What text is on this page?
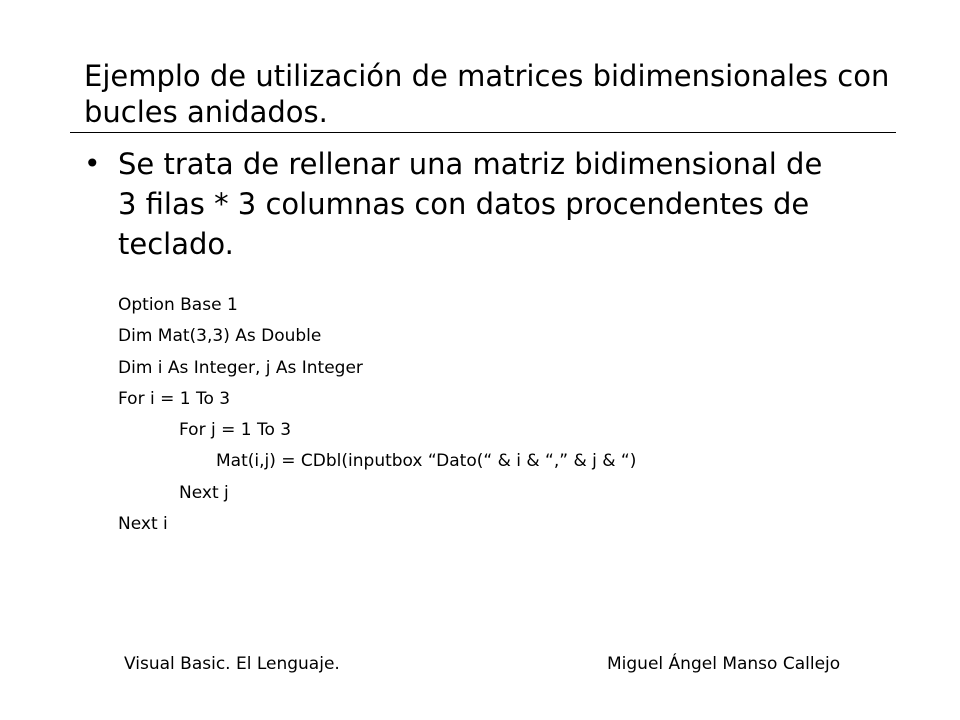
Ejemplo de utilización de matrices bidimensionales con bucles anidados.
• Se trata de rellenar una matriz bidimensional de 3 filas * 3 columnas con datos procendentes de teclado.
Option Base 1
Dim Mat(3,3) As Double
Dim i As Integer, j As Integer
For i = 1 To 3
For j = 1 To 3
Mat(i,j) = CDbl(inputbox “Dato(“ & i & “,” & j & “)
Next j
Next i
Visual Basic. El Lenguaje.	Miguel Ángel Manso Callejo
